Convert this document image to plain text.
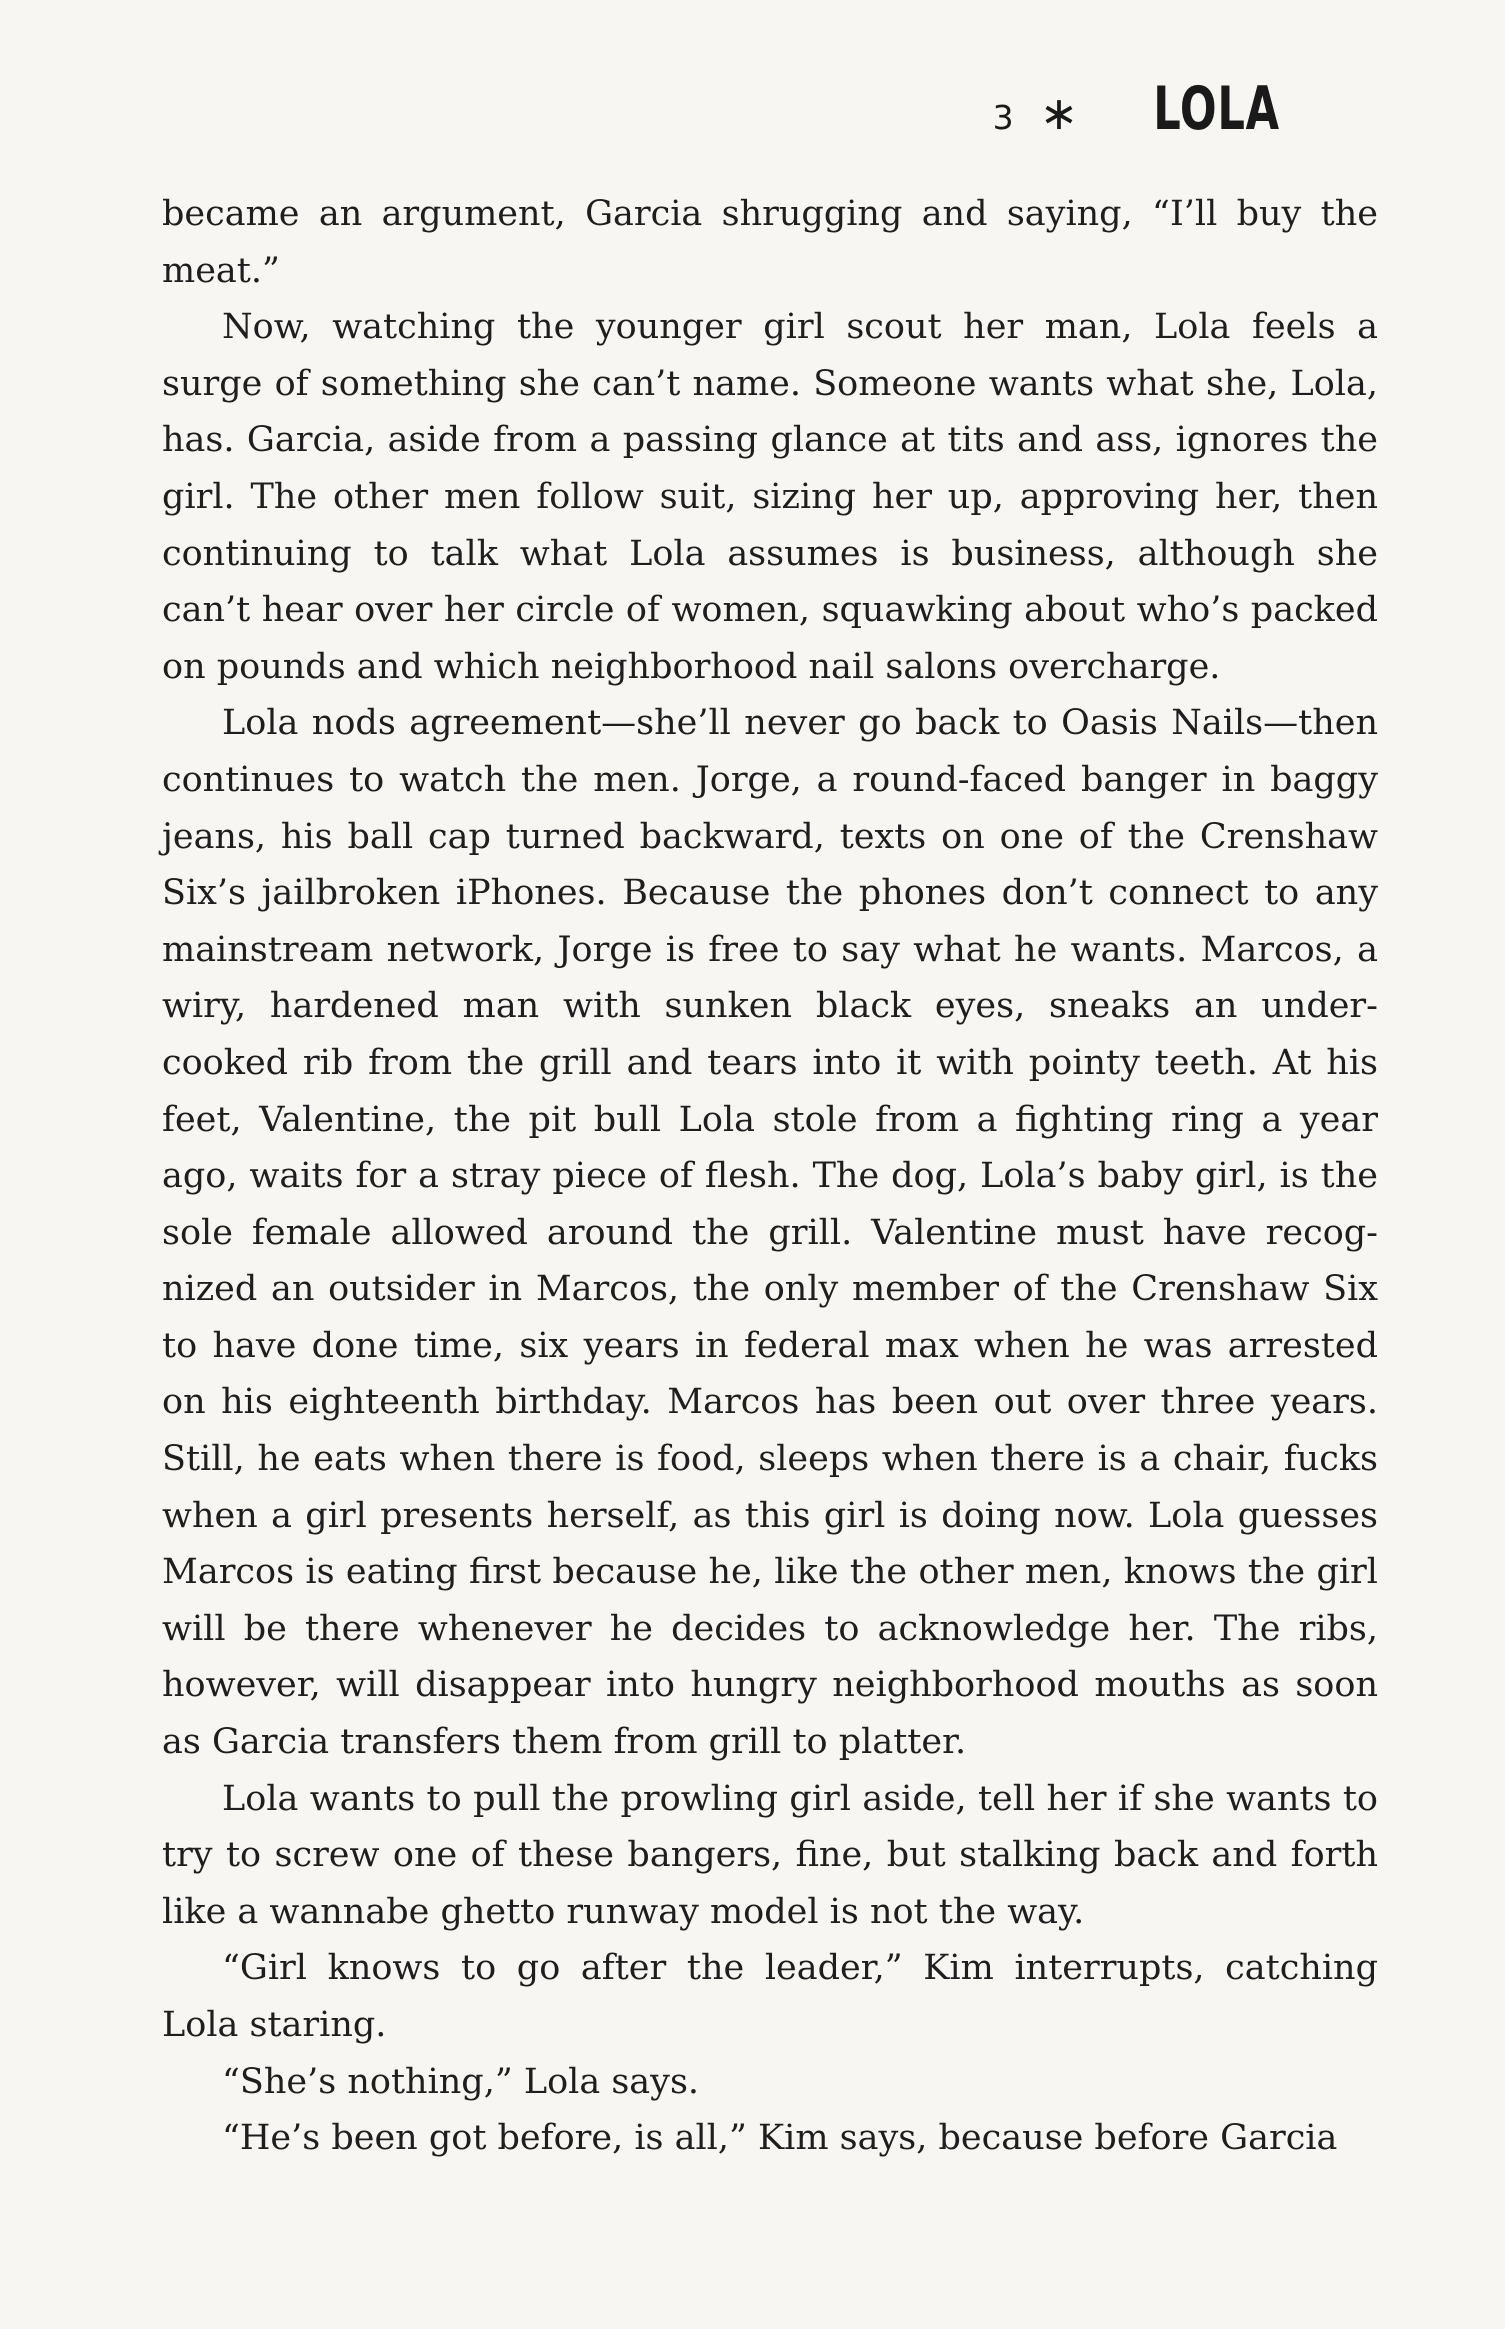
3 ∗ LOLA

became an argument, Garcia shrugging and saying, “I’ll buy the meat.”

Now, watching the younger girl scout her man, Lola feels a surge of something she can’t name. Someone wants what she, Lola, has. Garcia, aside from a passing glance at tits and ass, ignores the girl. The other men follow suit, sizing her up, approving her, then continuing to talk what Lola assumes is business, although she can’t hear over her circle of women, squawking about who’s packed on pounds and which neighborhood nail salons overcharge.

Lola nods agreement—she’ll never go back to Oasis Nails—then continues to watch the men. Jorge, a round-faced banger in baggy jeans, his ball cap turned backward, texts on one of the Crenshaw Six’s jailbroken iPhones. Because the phones don’t connect to any mainstream network, Jorge is free to say what he wants. Marcos, a wiry, hardened man with sunken black eyes, sneaks an under-cooked rib from the grill and tears into it with pointy teeth. At his feet, Valentine, the pit bull Lola stole from a fighting ring a year ago, waits for a stray piece of flesh. The dog, Lola’s baby girl, is the sole female allowed around the grill. Valentine must have recog-nized an outsider in Marcos, the only member of the Crenshaw Six to have done time, six years in federal max when he was arrested on his eighteenth birthday. Marcos has been out over three years. Still, he eats when there is food, sleeps when there is a chair, fucks when a girl presents herself, as this girl is doing now. Lola guesses Marcos is eating first because he, like the other men, knows the girl will be there whenever he decides to acknowledge her. The ribs, however, will disappear into hungry neighborhood mouths as soon as Garcia transfers them from grill to platter.

Lola wants to pull the prowling girl aside, tell her if she wants to try to screw one of these bangers, fine, but stalking back and forth like a wannabe ghetto runway model is not the way.

“Girl knows to go after the leader,” Kim interrupts, catching Lola staring.

“She’s nothing,” Lola says.

“He’s been got before, is all,” Kim says, because before Garcia
